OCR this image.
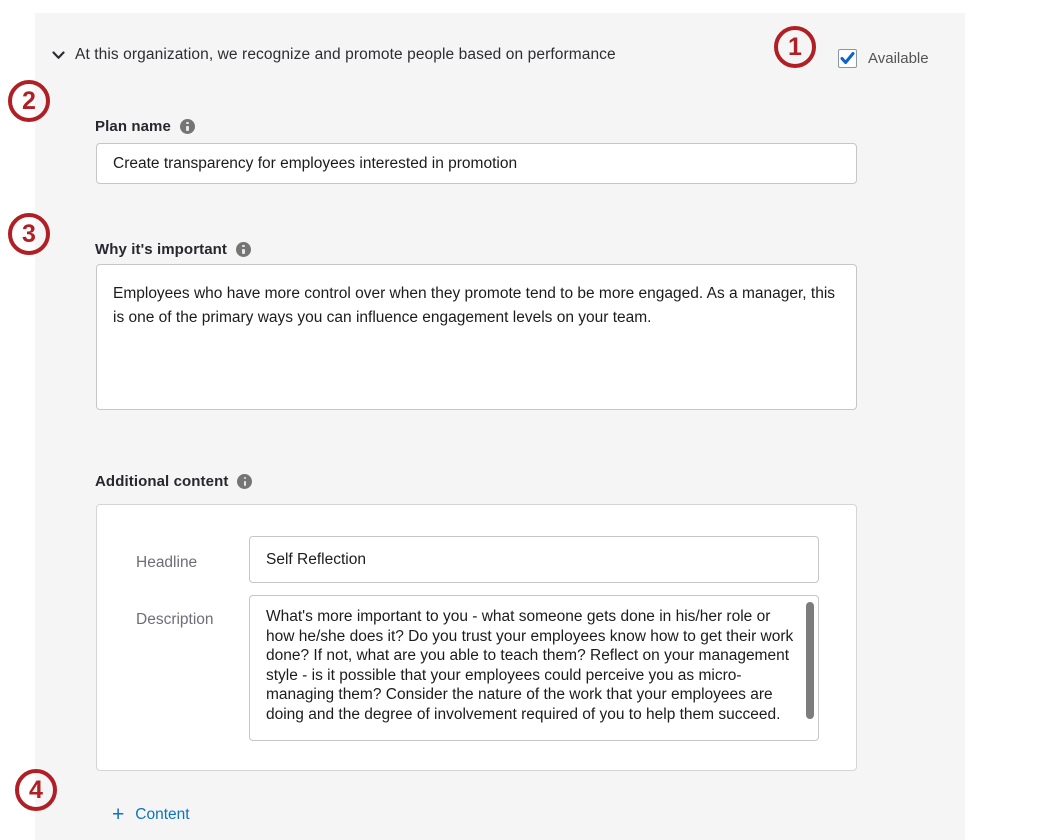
At this organization, we recognize and promote people based on performance	Available
Plan name
Create transparency for employees interested in promotion
Why it's important
Employees who have more control over when they promote tend to be more engaged. As a manager, this is one of the primary ways you can influence engagement levels on your team.
Additional content
Headline
Self Reflection
Description
What's more important to you - what someone gets done in his/her role or how he/she does it? Do you trust your employees know how to get their work done? If not, what are you able to teach them? Reflect on your management style - is it possible that your employees could perceive you as micro-managing them? Consider the nature of the work that your employees are doing and the degree of involvement required of you to help them succeed.
+ Content
1
2
3
4
